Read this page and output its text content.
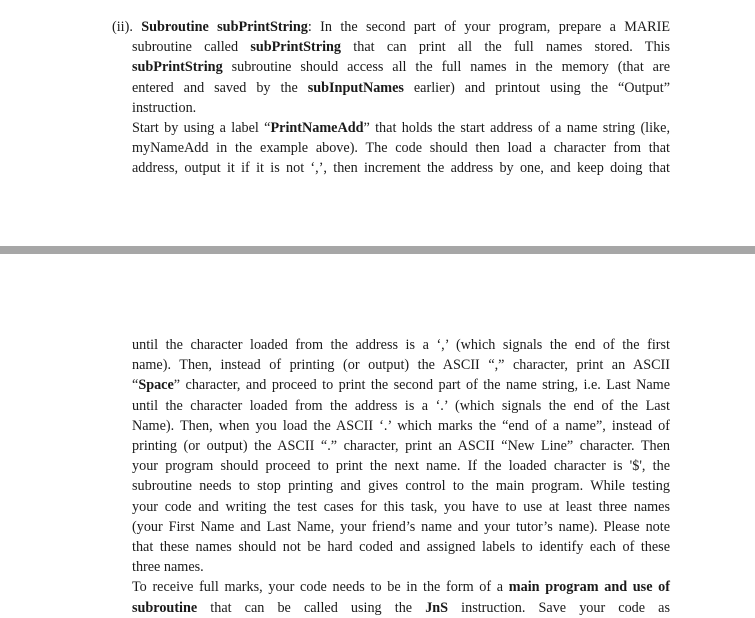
(ii). Subroutine subPrintString: In the second part of your program, prepare a MARIE
subroutine called subPrintString that can print all the full names stored. This
subPrintString subroutine should access all the full names in the memory (that are
entered and saved by the subInputNames earlier) and printout using the “Output”
instruction.
Start by using a label “PrintNameAdd” that holds the start address of a name string (like,
myNameAdd in the example above). The code should then load a character from that
address, output it if it is not ‘,’, then increment the address by one, and keep doing that
until the character loaded from the address is a ‘,’ (which signals the end of the first
name). Then, instead of printing (or output) the ASCII “,” character, print an ASCII
“Space” character, and proceed to print the second part of the name string, i.e. Last Name
until the character loaded from the address is a ‘.’ (which signals the end of the Last
Name). Then, when you load the ASCII ‘.’ which marks the “end of a name”, instead of
printing (or output) the ASCII “.” character, print an ASCII “New Line” character. Then
your program should proceed to print the next name. If the loaded character is '$', the
subroutine needs to stop printing and gives control to the main program. While testing
your code and writing the test cases for this task, you have to use at least three names
(your First Name and Last Name, your friend’s name and your tutor’s name). Please note
that these names should not be hard coded and assigned labels to identify each of these
three names.
To receive full marks, your code needs to be in the form of a main program and use of
subroutine that can be called using the JnS instruction. Save your code as
